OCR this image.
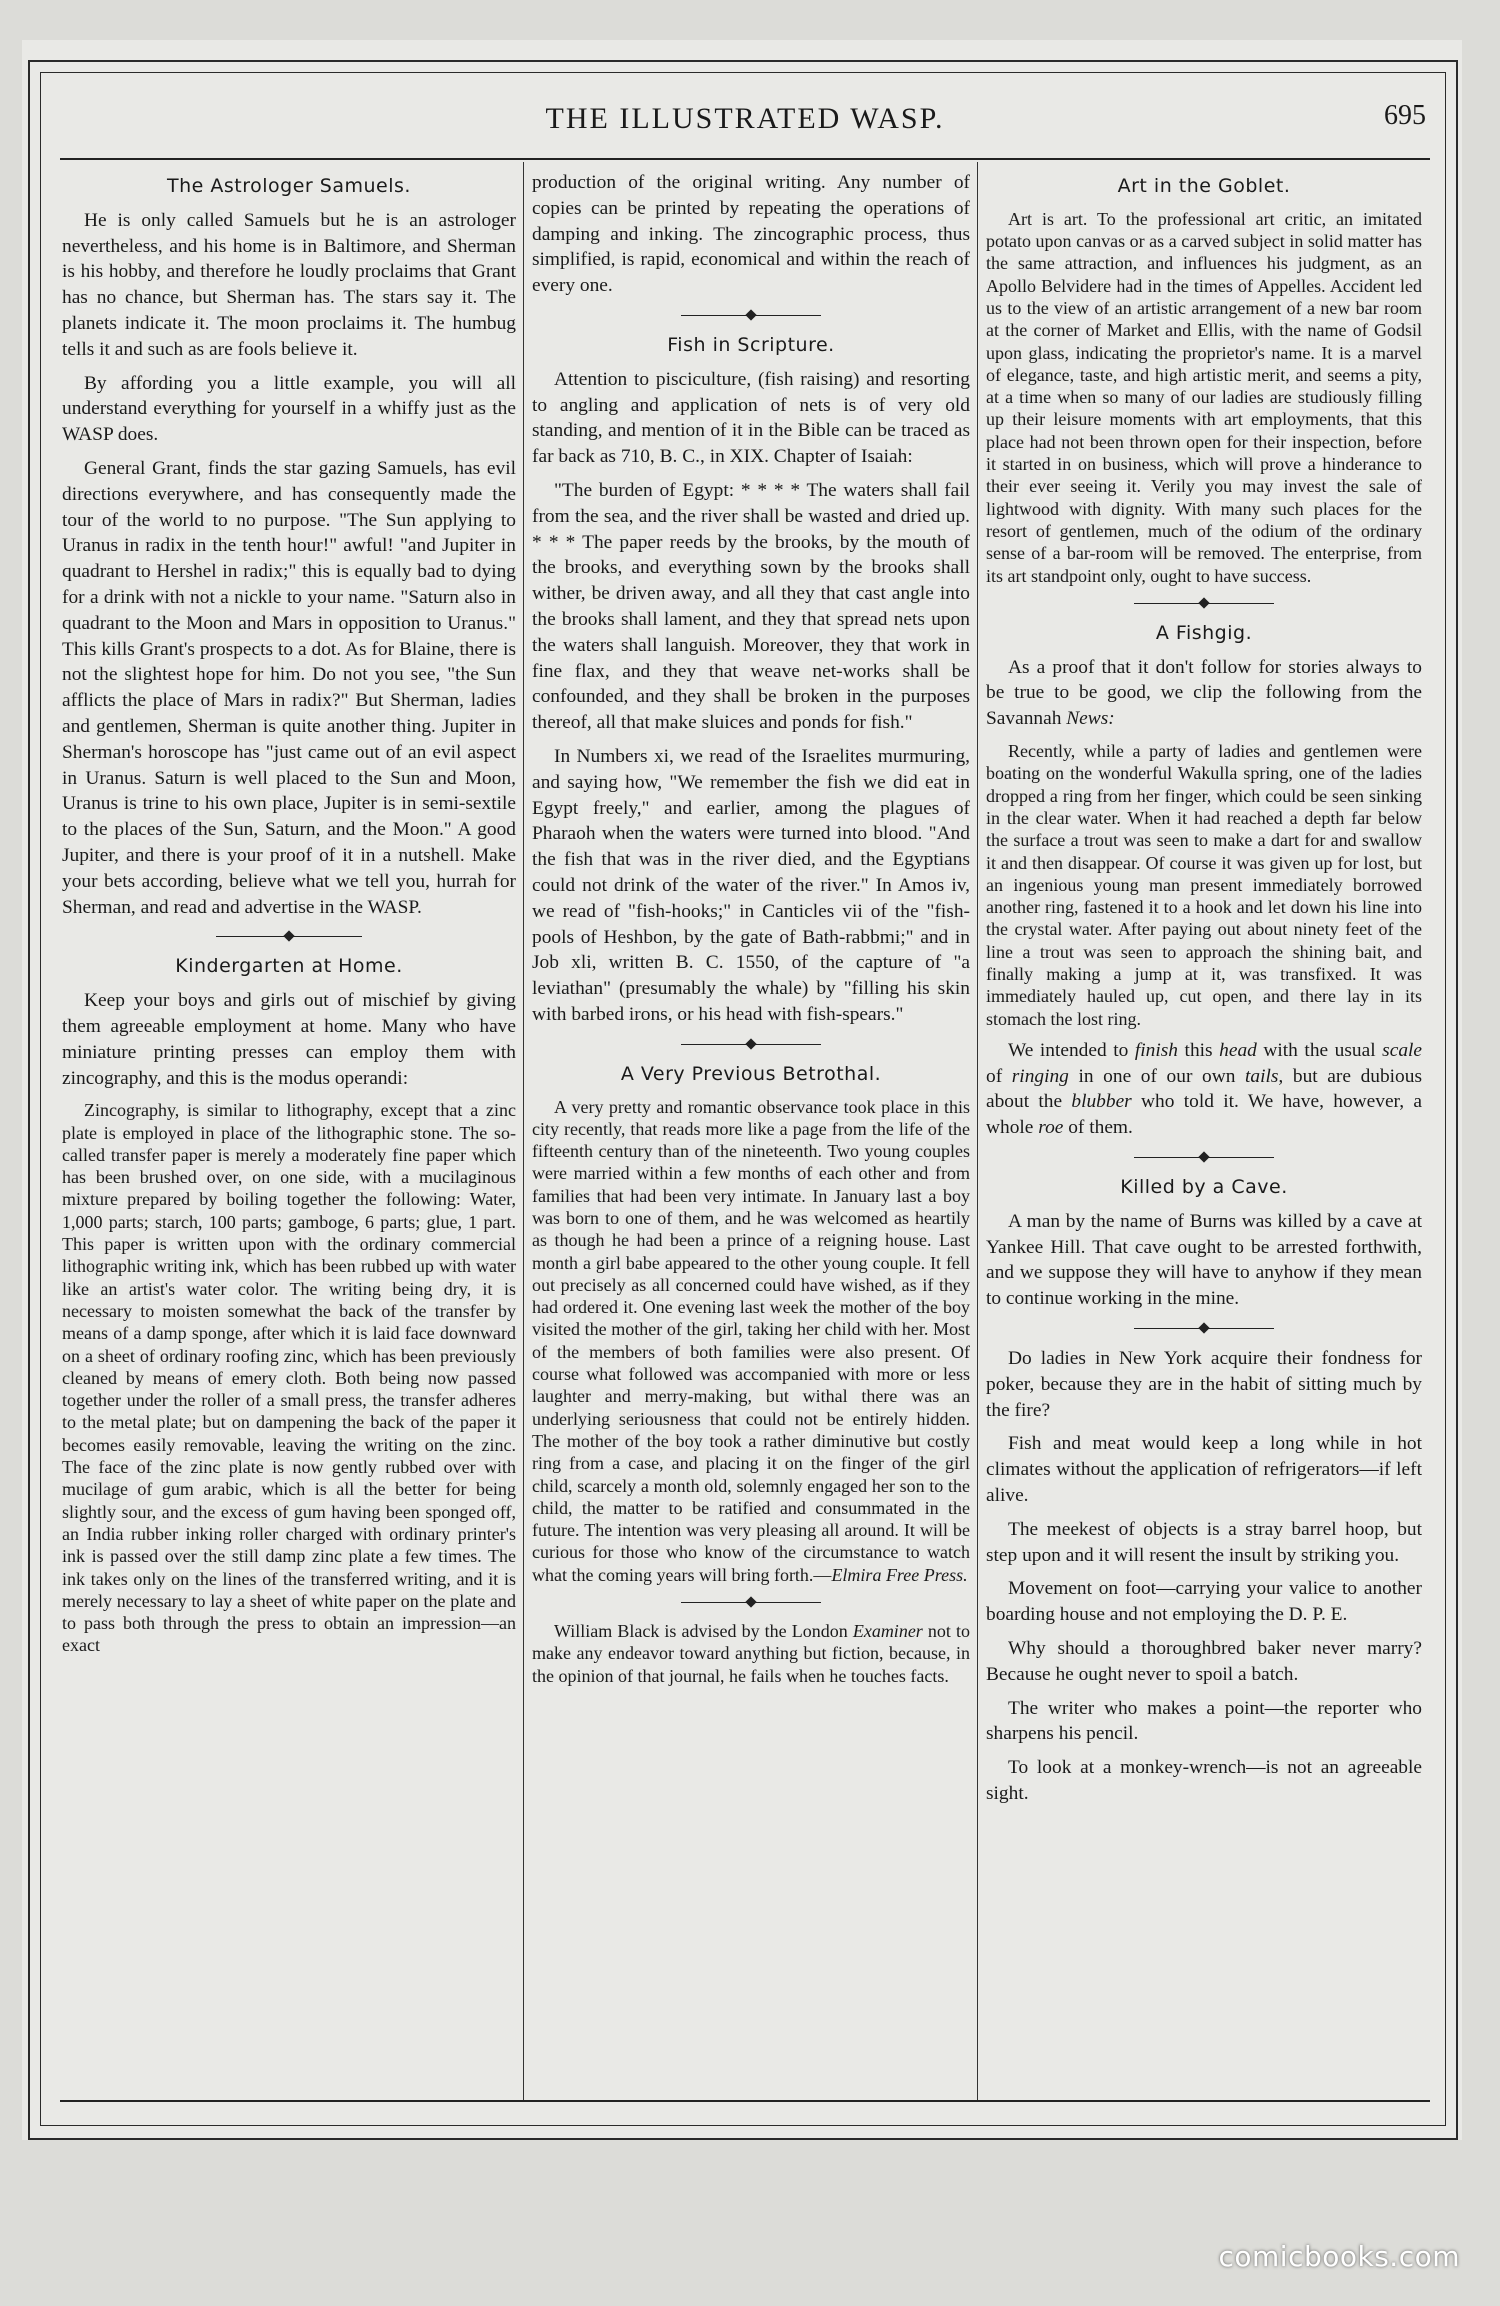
THE ILLUSTRATED WASP.	695
The Astrologer Samuels.

He is only called Samuels but he is an astrologer nevertheless, and his home is in Baltimore, and Sherman is his hobby, and therefore he loudly proclaims that Grant has no chance, but Sherman has. The stars say it. The planets indicate it. The moon proclaims it. The humbug tells it and such as are fools believe it.

By affording you a little example, you will all understand everything for yourself in a whiffy just as the WASP does.

General Grant, finds the star gazing Samuels, has evil directions everywhere, and has consequently made the tour of the world to no purpose. "The Sun applying to Uranus in radix in the tenth hour!" awful! "and Jupiter in quadrant to Hershel in radix;" this is equally bad to dying for a drink with not a nickle to your name. "Saturn also in quadrant to the Moon and Mars in opposition to Uranus." This kills Grant's prospects to a dot. As for Blaine, there is not the slightest hope for him. Do not you see, "the Sun afflicts the place of Mars in radix?" But Sherman, ladies and gentlemen, Sherman is quite another thing. Jupiter in Sherman's horoscope has "just came out of an evil aspect in Uranus. Saturn is well placed to the Sun and Moon, Uranus is trine to his own place, Jupiter is in semi-sextile to the places of the Sun, Saturn, and the Moon." A good Jupiter, and there is your proof of it in a nutshell. Make your bets according, believe what we tell you, hurrah for Sherman, and read and advertise in the WASP.

Kindergarten at Home.

Keep your boys and girls out of mischief by giving them agreeable employment at home. Many who have miniature printing presses can employ them with zincography, and this is the modus operandi:

Zincography, is similar to lithography, except that a zinc plate is employed in place of the lithographic stone. The so-called transfer paper is merely a moderately fine paper which has been brushed over, on one side, with a mucilaginous mixture prepared by boiling together the following: Water, 1,000 parts; starch, 100 parts; gamboge, 6 parts; glue, 1 part. This paper is written upon with the ordinary commercial lithographic writing ink, which has been rubbed up with water like an artist's water color. The writing being dry, it is necessary to moisten somewhat the back of the transfer by means of a damp sponge, after which it is laid face downward on a sheet of ordinary roofing zinc, which has been previously cleaned by means of emery cloth. Both being now passed together under the roller of a small press, the transfer adheres to the metal plate; but on dampening the back of the paper it becomes easily removable, leaving the writing on the zinc. The face of the zinc plate is now gently rubbed over with mucilage of gum arabic, which is all the better for being slightly sour, and the excess of gum having been sponged off, an India rubber inking roller charged with ordinary printer's ink is passed over the still damp zinc plate a few times. The ink takes only on the lines of the transferred writing, and it is merely necessary to lay a sheet of white paper on the plate and to pass both through the press to obtain an impression—an exact

production of the original writing. Any number of copies can be printed by repeating the operations of damping and inking. The zincographic process, thus simplified, is rapid, economical and within the reach of every one.

Fish in Scripture.

Attention to pisciculture, (fish raising) and resorting to angling and application of nets is of very old standing, and mention of it in the Bible can be traced as far back as 710, B. C., in XIX. Chapter of Isaiah:

"The burden of Egypt: * * * * The waters shall fail from the sea, and the river shall be wasted and dried up. * * * The paper reeds by the brooks, by the mouth of the brooks, and everything sown by the brooks shall wither, be driven away, and all they that cast angle into the brooks shall lament, and they that spread nets upon the waters shall languish. Moreover, they that work in fine flax, and they that weave net-works shall be confounded, and they shall be broken in the purposes thereof, all that make sluices and ponds for fish."

In Numbers xi, we read of the Israelites murmuring, and saying how, "We remember the fish we did eat in Egypt freely," and earlier, among the plagues of Pharaoh when the waters were turned into blood. "And the fish that was in the river died, and the Egyptians could not drink of the water of the river." In Amos iv, we read of "fish-hooks;" in Canticles vii of the "fish-pools of Heshbon, by the gate of Bath-rabbmi;" and in Job xli, written B. C. 1550, of the capture of "a leviathan" (presumably the whale) by "filling his skin with barbed irons, or his head with fish-spears."

A Very Previous Betrothal.

A very pretty and romantic observance took place in this city recently, that reads more like a page from the life of the fifteenth century than of the nineteenth. Two young couples were married within a few months of each other and from families that had been very intimate. In January last a boy was born to one of them, and he was welcomed as heartily as though he had been a prince of a reigning house. Last month a girl babe appeared to the other young couple. It fell out precisely as all concerned could have wished, as if they had ordered it. One evening last week the mother of the boy visited the mother of the girl, taking her child with her. Most of the members of both families were also present. Of course what followed was accompanied with more or less laughter and merry-making, but withal there was an underlying seriousness that could not be entirely hidden. The mother of the boy took a rather diminutive but costly ring from a case, and placing it on the finger of the girl child, scarcely a month old, solemnly engaged her son to the child, the matter to be ratified and consummated in the future. The intention was very pleasing all around. It will be curious for those who know of the circumstance to watch what the coming years will bring forth.—Elmira Free Press.

William Black is advised by the London Examiner not to make any endeavor toward anything but fiction, because, in the opinion of that journal, he fails when he touches facts.

Art in the Goblet.

Art is art. To the professional art critic, an imitated potato upon canvas or as a carved subject in solid matter has the same attraction, and influences his judgment, as an Apollo Belvidere had in the times of Appelles. Accident led us to the view of an artistic arrangement of a new bar room at the corner of Market and Ellis, with the name of Godsil upon glass, indicating the proprietor's name. It is a marvel of elegance, taste, and high artistic merit, and seems a pity, at a time when so many of our ladies are studiously filling up their leisure moments with art employments, that this place had not been thrown open for their inspection, before it started in on business, which will prove a hinderance to their ever seeing it. Verily you may invest the sale of lightwood with dignity. With many such places for the resort of gentlemen, much of the odium of the ordinary sense of a bar-room will be removed. The enterprise, from its art standpoint only, ought to have success.

A Fishgig.

As a proof that it don't follow for stories always to be true to be good, we clip the following from the Savannah News:

Recently, while a party of ladies and gentlemen were boating on the wonderful Wakulla spring, one of the ladies dropped a ring from her finger, which could be seen sinking in the clear water. When it had reached a depth far below the surface a trout was seen to make a dart for and swallow it and then disappear. Of course it was given up for lost, but an ingenious young man present immediately borrowed another ring, fastened it to a hook and let down his line into the crystal water. After paying out about ninety feet of the line a trout was seen to approach the shining bait, and finally making a jump at it, was transfixed. It was immediately hauled up, cut open, and there lay in its stomach the lost ring.

We intended to finish this head with the usual scale of ringing in one of our own tails, but are dubious about the blubber who told it. We have, however, a whole roe of them.

Killed by a Cave.

A man by the name of Burns was killed by a cave at Yankee Hill. That cave ought to be arrested forthwith, and we suppose they will have to anyhow if they mean to continue working in the mine.

Do ladies in New York acquire their fondness for poker, because they are in the habit of sitting much by the fire?

Fish and meat would keep a long while in hot climates without the application of refrigerators—if left alive.

The meekest of objects is a stray barrel hoop, but step upon and it will resent the insult by striking you.

Movement on foot—carrying your valice to another boarding house and not employing the D. P. E.

Why should a thoroughbred baker never marry? Because he ought never to spoil a batch.

The writer who makes a point—the reporter who sharpens his pencil.

To look at a monkey-wrench—is not an agreeable sight.

comicbooks.com
